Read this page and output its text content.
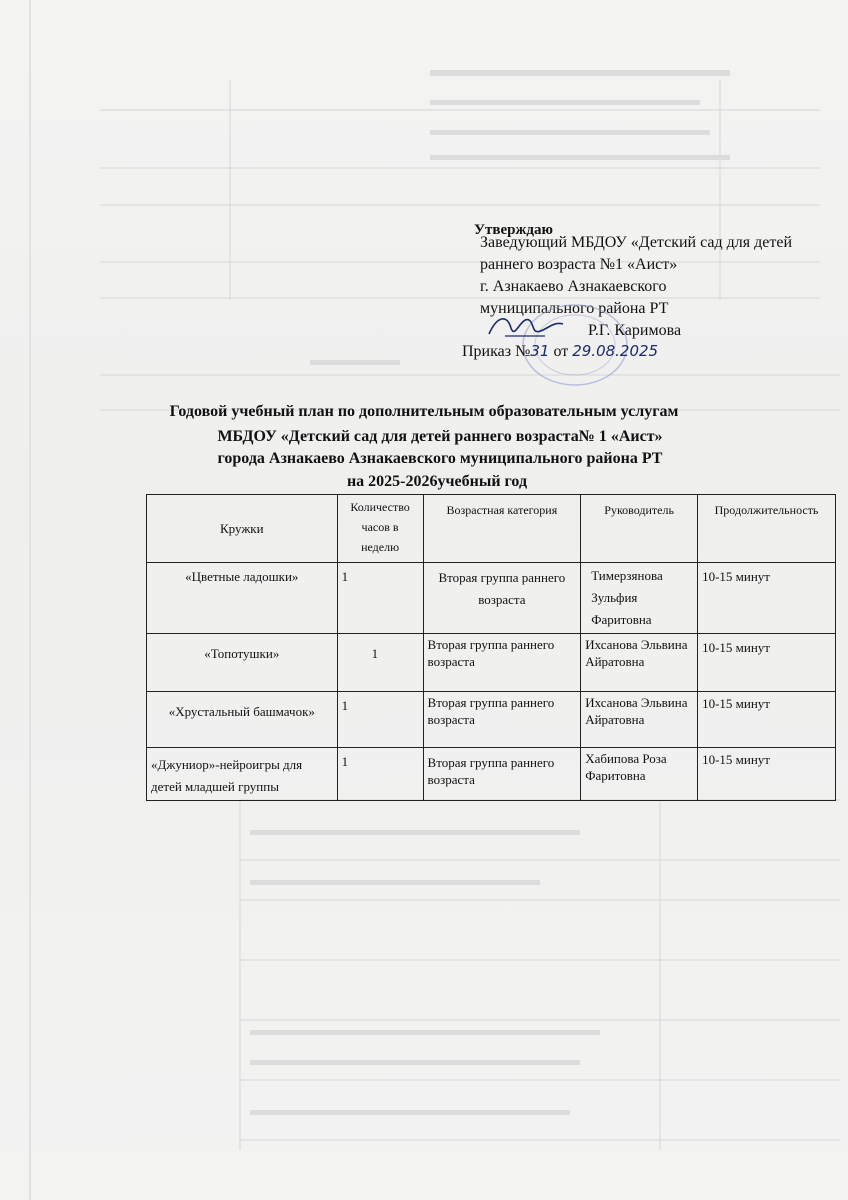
Утверждаю
Заведующий МБДОУ «Детский сад для детей
раннего возраста №1 «Аист»
г. Азнакаево Азнакаевского
муниципального района РТ
Р.Г. Каримова
Приказ №31 от 29.08.2025
Годовой учебный план по дополнительным образовательным услугам
МБДОУ «Детский сад для детей раннего возраста№ 1 «Аист»
города Азнакаево Азнакаевского муниципального района РТ
на 2025-2026учебный год
Кружки	Количество часов в неделю	Возрастная категория	Руководитель	Продолжительность
«Цветные ладошки»	1	Вторая группа раннего возраста	Тимерзянова Зульфия Фаритовна	10-15 минут
«Топотушки»	1	Вторая группа раннего возраста	Ихсанова Эльвина Айратовна	10-15 минут
«Хрустальный башмачок»	1	Вторая группа раннего возраста	Ихсанова Эльвина Айратовна	10-15 минут
«Джуниор»-нейроигры для детей младшей группы	1	Вторая группа раннего возраста	Хабипова Роза Фаритовна	10-15 минут
